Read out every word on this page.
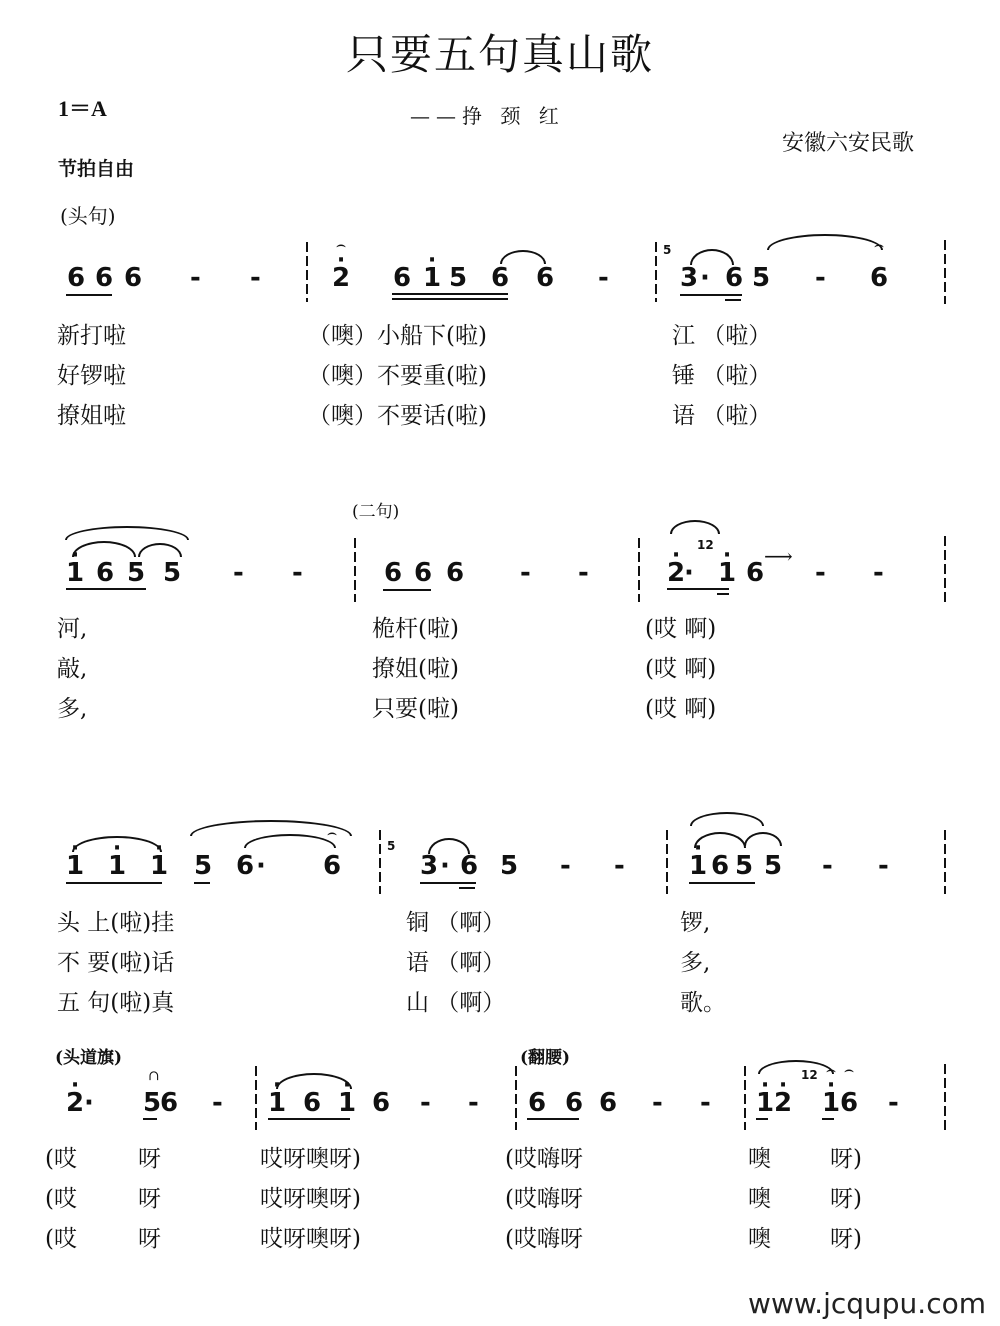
只要五句真山歌
1＝A	——挣 颈 红
安徽六安民歌
节拍自由
(头句)
6 6 6 - -	· 2 ⌢ 6 · 1 5 6 6 -
5
3 · 6 5 - 6 ⌢
新打啦	（噢）小船下(啦)	江 （啦）
好锣啦	（噢）不要重(啦)	锤 （啦）
撩姐啦	（噢）不要话(啦)	语 （啦）
(二句)
· 1 6 5 5 - -	6 6 6 - -	· 2
·
12
· 1 6
⟶
- -
河,	桅杆(啦)	(哎 啊)
敲,	撩姐(啦)	(哎 啊)
多,	只要(啦)	(哎 啊)
· 1 · 1 · 1 5 6 · 6 ⌢
5
3 · 6 5 - - · 1 6 5 5 - -
头 上(啦)挂	铜 （啊）	锣,
不 要(啦)话	语 （啊）	多,
五 句(啦)真	山 （啊）	歌。
(头道旗)	(翻腰)
· 2 · 5
6
∩
- · 1 6 · 1 6 - - 6 6 6 - - · 1 · 2
12
· 1 ⌢ 6 ⌢ -
(哎	呀	哎呀噢呀)	(哎嗨呀	噢	呀)
(哎	呀	哎呀噢呀)	(哎嗨呀	噢	呀)
(哎	呀	哎呀噢呀)	(哎嗨呀	噢	呀)
www.jcqupu.com
